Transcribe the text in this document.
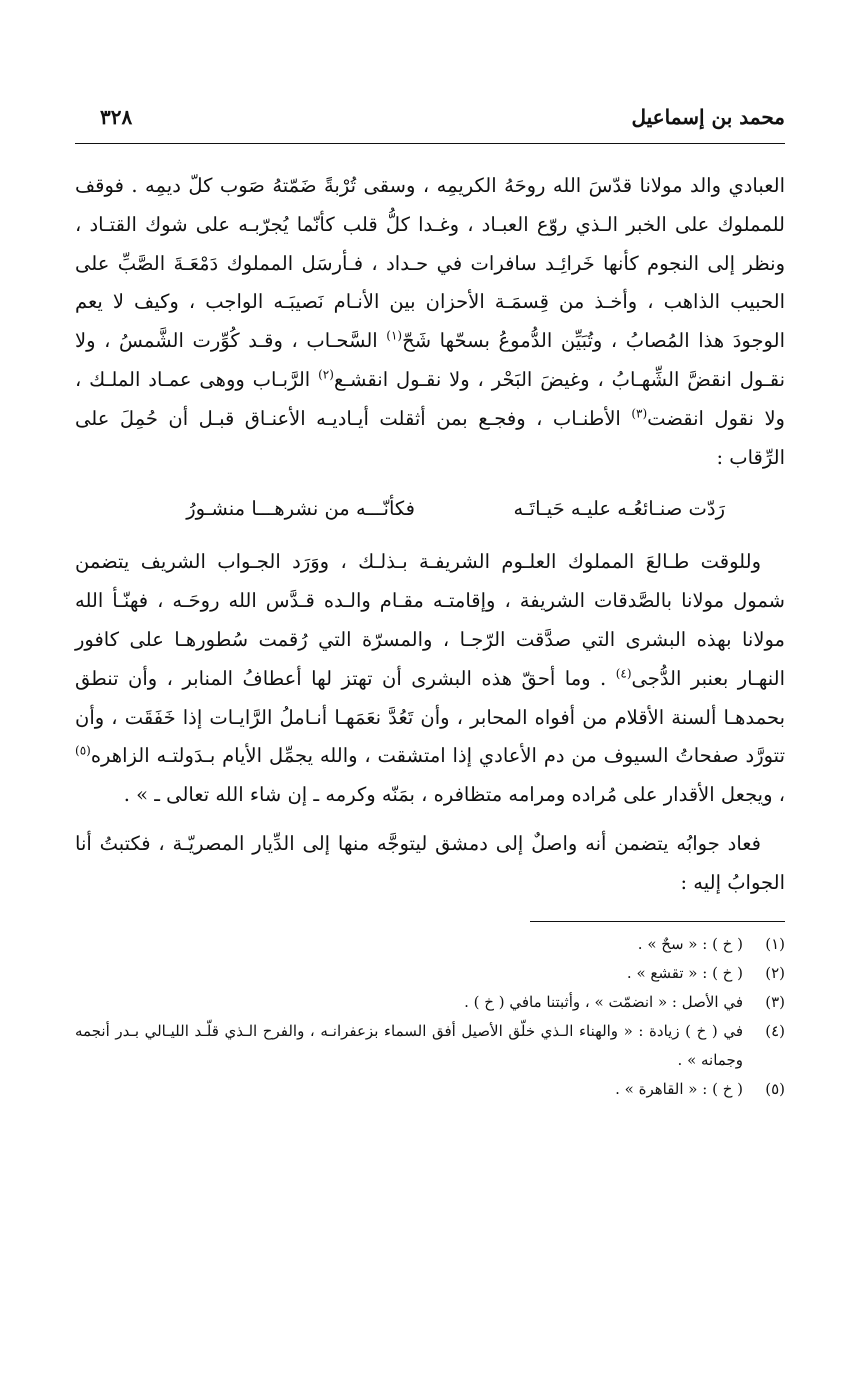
محمد بن إسماعيل
٣٢٨

العبادي والد مولانا قدّسَ الله روحَهُ الكريمِه ، وسقى تُرْبةً ضَمّتهُ صَوب كلّ ديمِه . فوقف للمملوك على الخبر الـذي روّع العبـاد ، وغـدا كلُّ قلب كأنّما يُجرّبـه على شوك القتـاد ، ونظر إلى النجوم كأنها خَرائِـد سافرات في حـداد ، فـأرسَل المملوك دَمْعَـةَ الصَّبِّ على الحبيب الذاهب ، وأخـذ من قِسمَـة الأحزان بين الأنـام نَصيبَـه الواجب ، وكيف لا يعم الوجودَ هذا المُصابُ ، وتُبَيِّن الدُّموعُ بسحّها شَحّ$^{(١)}$ السَّحـاب ، وقـد كُوِّرت الشَّمسُ ، ولا نقـول انقضَّ الشِّهـابُ ، وغيضَ البَحْر ، ولا نقـول انقشـع$^{(٢)}$ الرَّبـاب ووهى عمـاد الملـك ، ولا نقول انقضت$^{(٣)}$ الأطنـاب ، وفجـع بمن أثقلت أيـاديـه الأعنـاق قبـل أن حُمِلَ على الرِّقاب :

رَدّت صنـائعُـه عليـه حَيـاتَـه
فكأنّـــه من نشرهـــا منشـورُ

وللوقت طـالعَ المملوك العلـوم الشريفـة بـذلـك ، ووَرَد الجـواب الشريف يتضمن شمول مولانا بالصَّدقات الشريفة ، وإقامتـه مقـام والـده قـدَّس الله روحَـه ، فهنّـأ الله مولانا بهذه البشرى التي صدَّقت الرّجـا ، والمسرّة التي رُقمت سُطورهـا على كافور النهـار بعنبر الدُّجى$^{(٤)}$ . وما أحقّ هذه البشرى أن تهتز لها أعطافُ المنابر ، وأن تنطق بحمدهـا ألسنة الأقلام من أفواه المحابر ، وأن تَعُدَّ نعَمَهـا أنـاملُ الرَّايـات إذا خَفَقَت ، وأن تتورَّد صفحاتُ السيوف من دم الأعادي إذا امتشقت ، والله يجمِّل الأيام بـدَولتـه الزاهره$^{(٥)}$ ، ويجعل الأقدار على مُراده ومرامه متظافره ، بمَنّه وكرمه ـ إن شاء الله تعالى ـ » .

فعاد جوابُه يتضمن أنه واصلٌ إلى دمشق ليتوجَّه منها إلى الدِّيار المصريّـة ، فكتبتُ أنا الجوابُ إليه :

(١)
( خ ) : « سحٌ » .
(٢)
( خ ) : « تقشع » .
(٣)
في الأصل : « انضمّت » ، وأثبتنا مافي ( خ ) .
(٤)
في ( خ ) زيادة : « والهناء الـذي خلّق الأصيل أفق السماء بزعفرانـه ، والفرح الـذي قلّـد الليـالي بـدر أنجمه وجمانه » .
(٥)
( خ ) : « القاهرة » .
